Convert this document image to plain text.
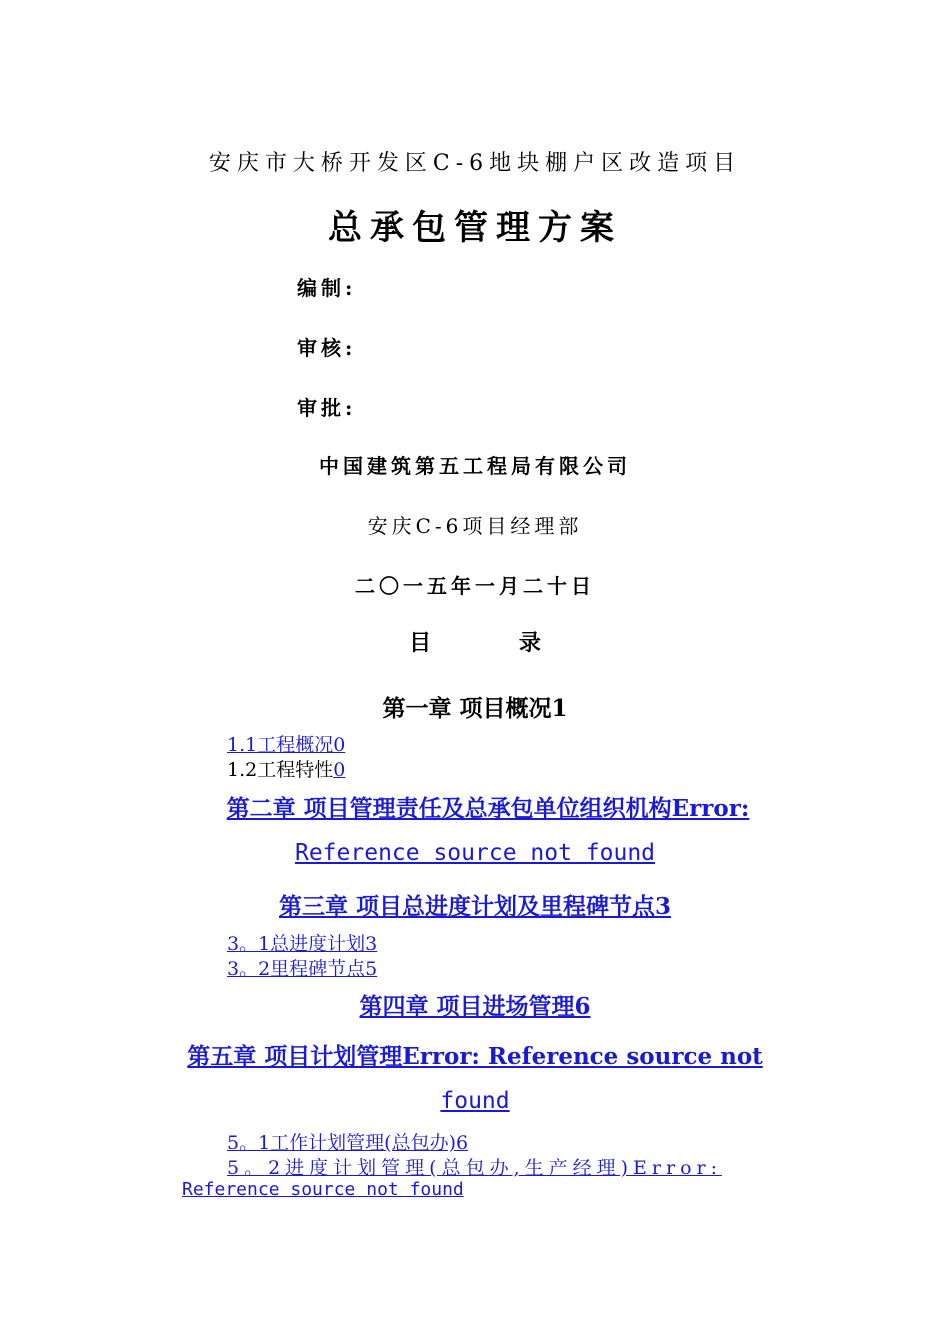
安庆市大桥开发区C-6地块棚户区改造项目
总承包管理方案
编制:
审核:
审批:
中国建筑第五工程局有限公司
安庆C-6项目经理部
二〇一五年一月二十日
目 录
第一章 项目概况1
1.1工程概况0
1.2工程特性0
第二章 项目管理责任及总承包单位组织机构Error:
Reference source not found
第三章 项目总进度计划及里程碑节点3
3。1总进度计划3
3。2里程碑节点5
第四章 项目进场管理6
第五章 项目计划管理Error: Reference source not
found
5。1工作计划管理(总包办)6
5。2进度计划管理(总包办,生产经理)Error:
Reference source not found
